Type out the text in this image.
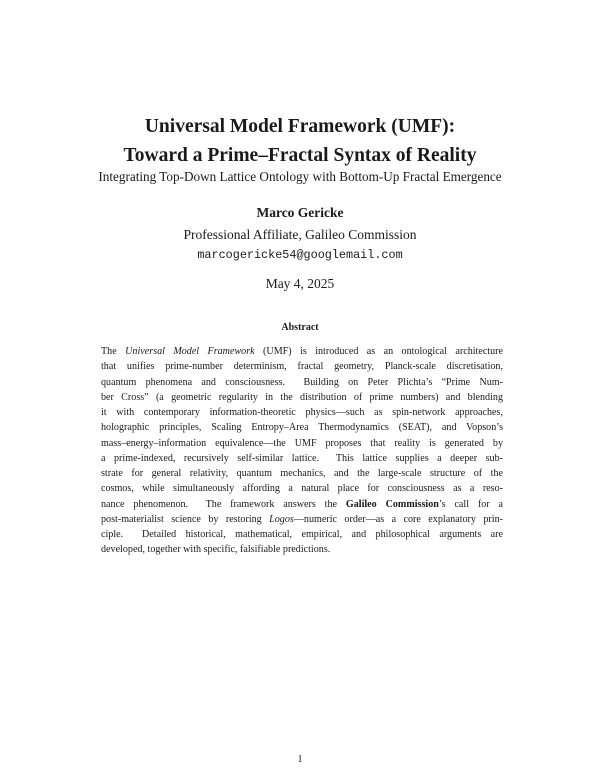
Universal Model Framework (UMF):
Toward a Prime–Fractal Syntax of Reality
Integrating Top-Down Lattice Ontology with Bottom-Up Fractal Emergence
Marco Gericke
Professional Affiliate, Galileo Commission
marcogericke54@googlemail.com
May 4, 2025
Abstract
The Universal Model Framework (UMF) is introduced as an ontological architecture
that unifies prime-number determinism, fractal geometry, Planck-scale discretisation,
quantum phenomena and consciousness.  Building on Peter Plichta’s “Prime Num-
ber Cross” (a geometric regularity in the distribution of prime numbers) and blending
it with contemporary information-theoretic physics—such as spin-network approaches,
holographic principles, Scaling Entropy–Area Thermodynamics (SEAT), and Vopson’s
mass–energy–information equivalence—the UMF proposes that reality is generated by
a prime-indexed, recursively self-similar lattice.  This lattice supplies a deeper sub-
strate for general relativity, quantum mechanics, and the large-scale structure of the
cosmos, while simultaneously affording a natural place for consciousness as a reso-
nance phenomenon.  The framework answers the Galileo Commission’s call for a
post-materialist science by restoring Logos—numeric order—as a core explanatory prin-
ciple.  Detailed historical, mathematical, empirical, and philosophical arguments are
developed, together with specific, falsifiable predictions.
1
